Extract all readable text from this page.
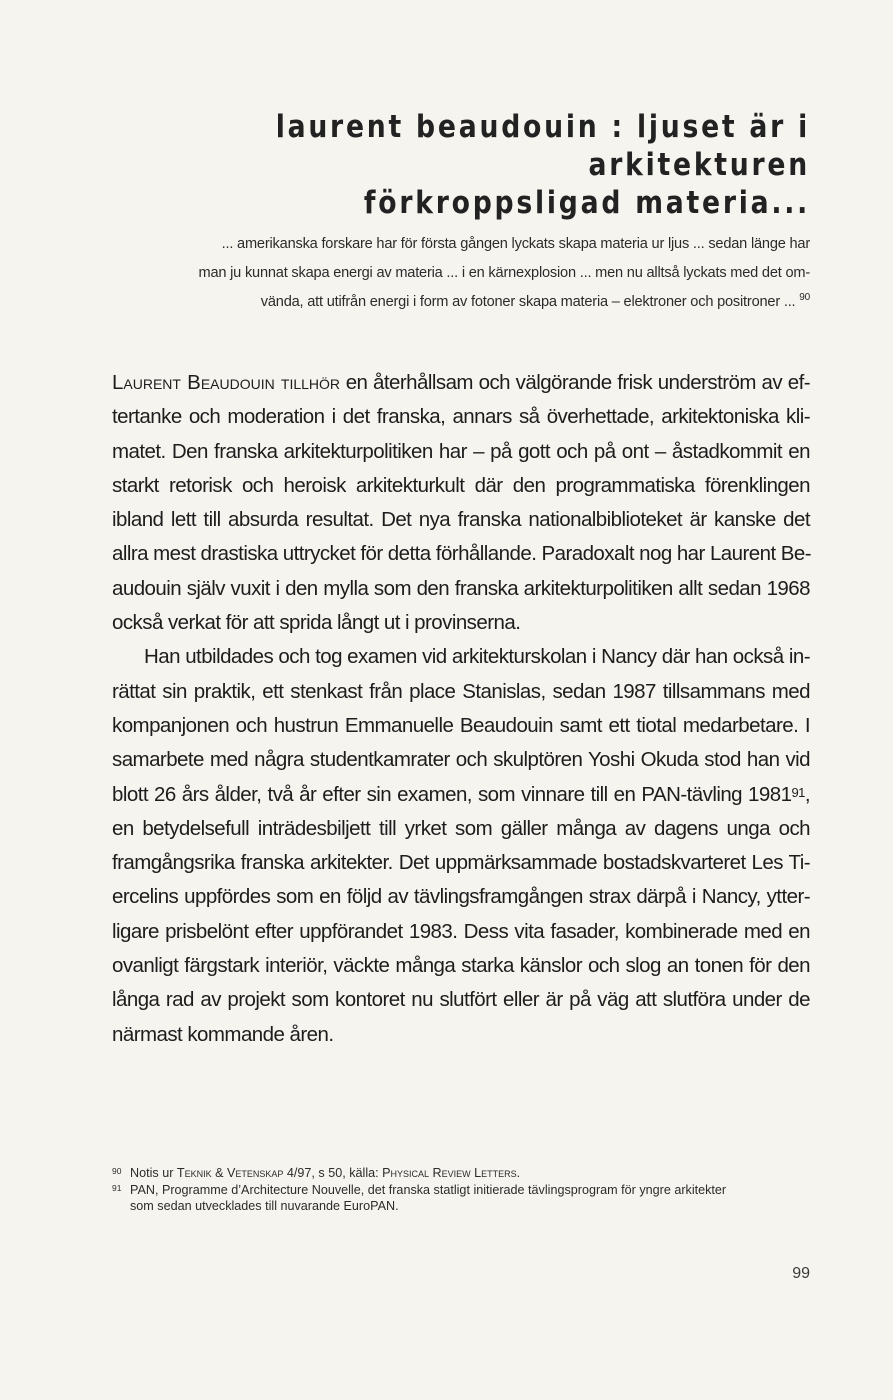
laurent beaudouin : ljuset är i arkitekturen
förkroppsligad materia...
... amerikanska forskare har för första gången lyckats skapa materia ur ljus ... sedan länge har
man ju kunnat skapa energi av materia ... i en kärnexplosion ... men nu alltså lyckats med det om-
vända, att utifrån energi i form av fotoner skapa materia – elektroner och positroner ... $^{90}$
Laurent Beaudouin tillhör en återhållsam och välgörande frisk underström av ef-
tertanke och moderation i det franska, annars så överhettade, arkitektoniska kli-
matet. Den franska arkitekturpolitiken har – på gott och på ont – åstadkommit en
starkt retorisk och heroisk arkitekturkult där den programmatiska förenklingen
ibland lett till absurda resultat. Det nya franska nationalbiblioteket är kanske det
allra mest drastiska uttrycket för detta förhållande. Paradoxalt nog har Laurent Be-
audouin själv vuxit i den mylla som den franska arkitekturpolitiken allt sedan 1968
också verkat för att sprida långt ut i provinserna.
Han utbildades och tog examen vid arkitekturskolan i Nancy där han också in-
rättat sin praktik, ett stenkast från place Stanislas, sedan 1987 tillsammans med
kompanjonen och hustrun Emmanuelle Beaudouin samt ett tiotal medarbetare. I
samarbete med några studentkamrater och skulptören Yoshi Okuda stod han vid
blott 26 års ålder, två år efter sin examen, som vinnare till en PAN-tävling 1981$^{91}$,
en betydelsefull inträdesbiljett till yrket som gäller många av dagens unga och
framgångsrika franska arkitekter. Det uppmärksammade bostadskvarteret Les Ti-
ercelins uppfördes som en följd av tävlingsframgången strax därpå i Nancy, ytter-
ligare prisbelönt efter uppförandet 1983. Dess vita fasader, kombinerade med en
ovanligt färgstark interiör, väckte många starka känslor och slog an tonen för den
långa rad av projekt som kontoret nu slutfört eller är på väg att slutföra under de
närmast kommande åren.
90 Notis ur Teknik & Vetenskap 4/97, s 50, källa: Physical Review Letters.
91 PAN, Programme d’Architecture Nouvelle, det franska statligt initierade tävlingsprogram för yngre arkitekter
som sedan utvecklades till nuvarande EuroPAN.
99
